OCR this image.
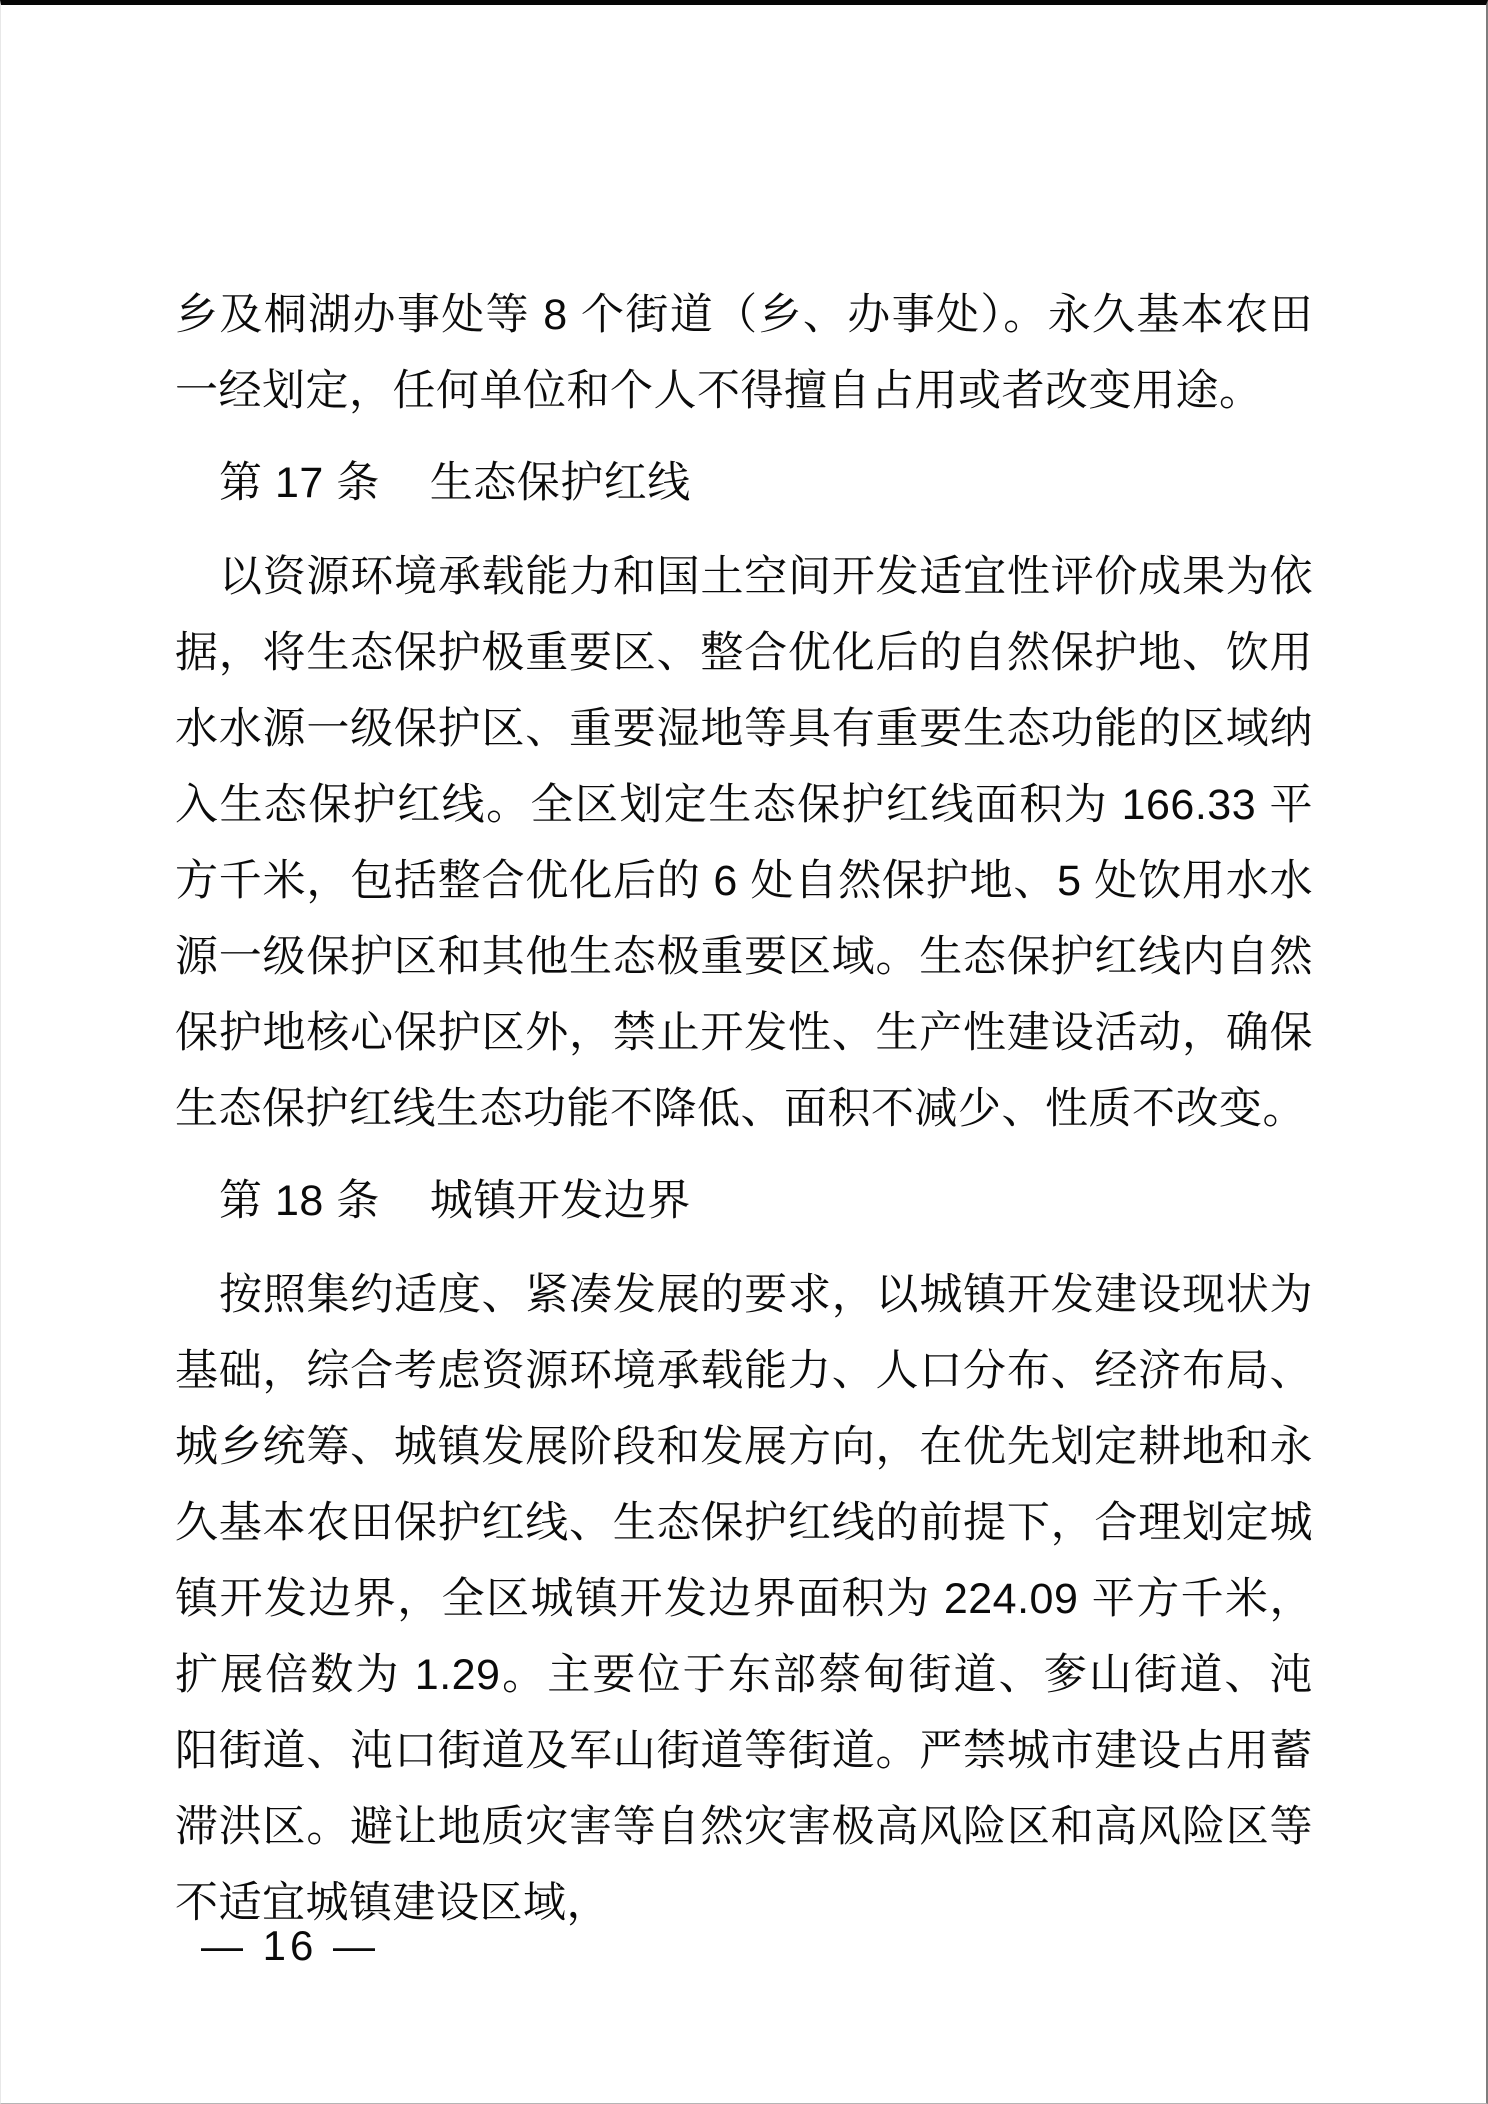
乡及桐湖办事处等 8 个街道（乡、办事处）。永久基本农田一经划定，任何单位和个人不得擅自占用或者改变用途。

第 17 条 生态保护红线

以资源环境承载能力和国土空间开发适宜性评价成果为依据，将生态保护极重要区、整合优化后的自然保护地、饮用水水源一级保护区、重要湿地等具有重要生态功能的区域纳入生态保护红线。全区划定生态保护红线面积为 166.33 平方千米，包括整合优化后的 6 处自然保护地、5 处饮用水水源一级保护区和其他生态极重要区域。生态保护红线内自然保护地核心保护区外，禁止开发性、生产性建设活动，确保生态保护红线生态功能不降低、面积不减少、性质不改变。

第 18 条 城镇开发边界

按照集约适度、紧凑发展的要求，以城镇开发建设现状为基础，综合考虑资源环境承载能力、人口分布、经济布局、城乡统筹、城镇发展阶段和发展方向，在优先划定耕地和永久基本农田保护红线、生态保护红线的前提下，合理划定城镇开发边界，全区城镇开发边界面积为 224.09 平方千米，扩展倍数为 1.29。主要位于东部蔡甸街道、奓山街道、沌阳街道、沌口街道及军山街道等街道。严禁城市建设占用蓄滞洪区。避让地质灾害等自然灾害极高风险区和高风险区等不适宜城镇建设区域，

— 16 —
